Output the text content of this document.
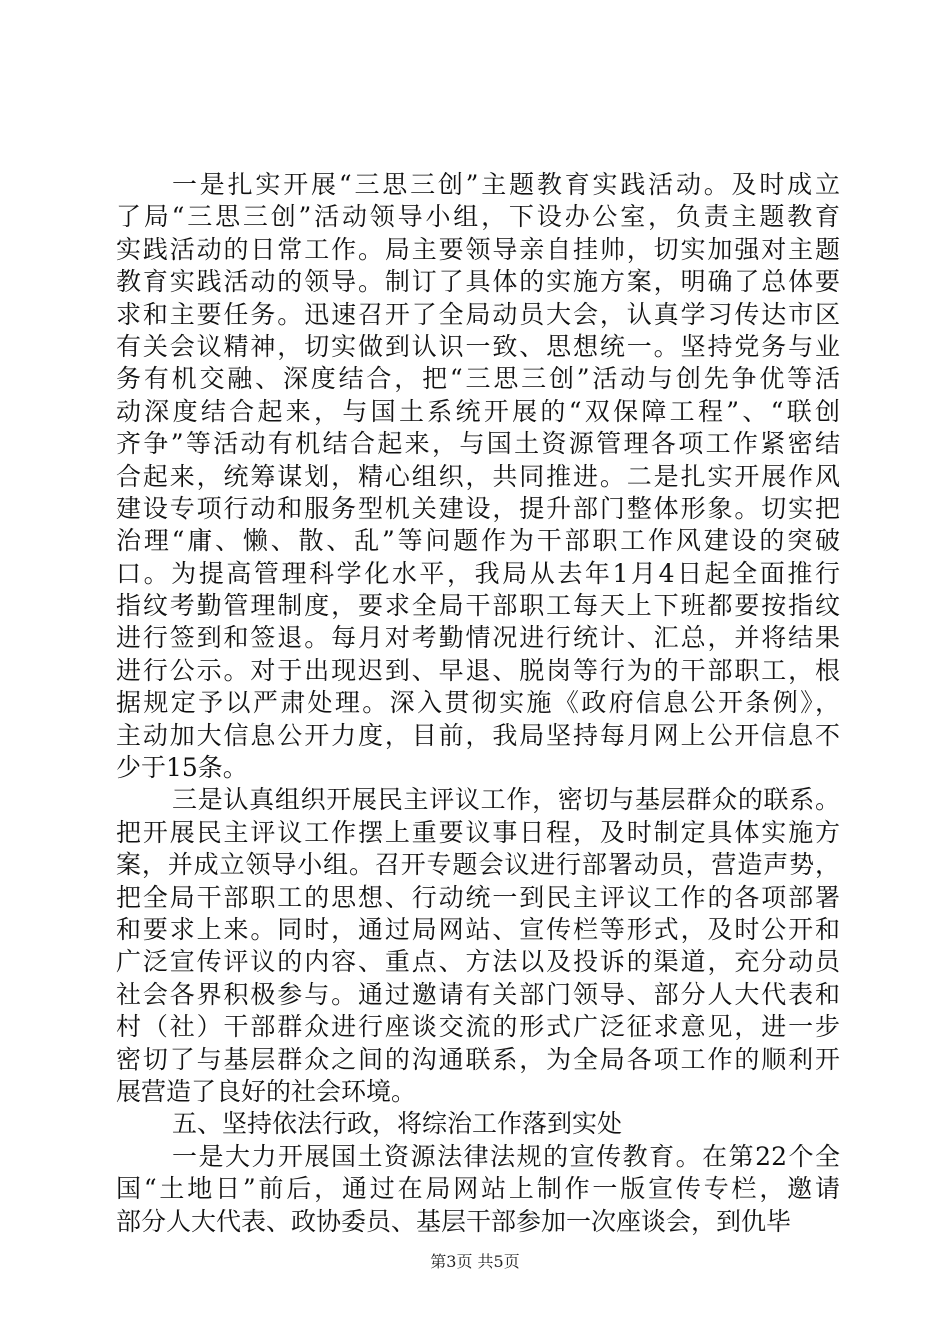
一是扎实开展“三思三创”主题教育实践活动。及时成立
了局“三思三创”活动领导小组，下设办公室，负责主题教育
实践活动的日常工作。局主要领导亲自挂帅，切实加强对主题
教育实践活动的领导。制订了具体的实施方案，明确了总体要
求和主要任务。迅速召开了全局动员大会，认真学习传达市区
有关会议精神，切实做到认识一致、思想统一。坚持党务与业
务有机交融、深度结合，把“三思三创”活动与创先争优等活
动深度结合起来，与国土系统开展的“双保障工程”、“联创
齐争”等活动有机结合起来，与国土资源管理各项工作紧密结
合起来，统筹谋划，精心组织，共同推进。二是扎实开展作风
建设专项行动和服务型机关建设，提升部门整体形象。切实把
治理“庸、懒、散、乱”等问题作为干部职工作风建设的突破
口。为提高管理科学化水平，我局从去年1月4日起全面推行
指纹考勤管理制度，要求全局干部职工每天上下班都要按指纹
进行签到和签退。每月对考勤情况进行统计、汇总，并将结果
进行公示。对于出现迟到、早退、脱岗等行为的干部职工，根
据规定予以严肃处理。深入贯彻实施《政府信息公开条例》，
主动加大信息公开力度，目前，我局坚持每月网上公开信息不
少于15条。
三是认真组织开展民主评议工作，密切与基层群众的联系。
把开展民主评议工作摆上重要议事日程，及时制定具体实施方
案，并成立领导小组。召开专题会议进行部署动员，营造声势，
把全局干部职工的思想、行动统一到民主评议工作的各项部署
和要求上来。同时，通过局网站、宣传栏等形式，及时公开和
广泛宣传评议的内容、重点、方法以及投诉的渠道，充分动员
社会各界积极参与。通过邀请有关部门领导、部分人大代表和
村（社）干部群众进行座谈交流的形式广泛征求意见，进一步
密切了与基层群众之间的沟通联系，为全局各项工作的顺利开
展营造了良好的社会环境。
五、坚持依法行政，将综治工作落到实处
一是大力开展国土资源法律法规的宣传教育。在第22个全
国“土地日”前后，通过在局网站上制作一版宣传专栏，邀请
部分人大代表、政协委员、基层干部参加一次座谈会，到仇毕
第3页 共5页
